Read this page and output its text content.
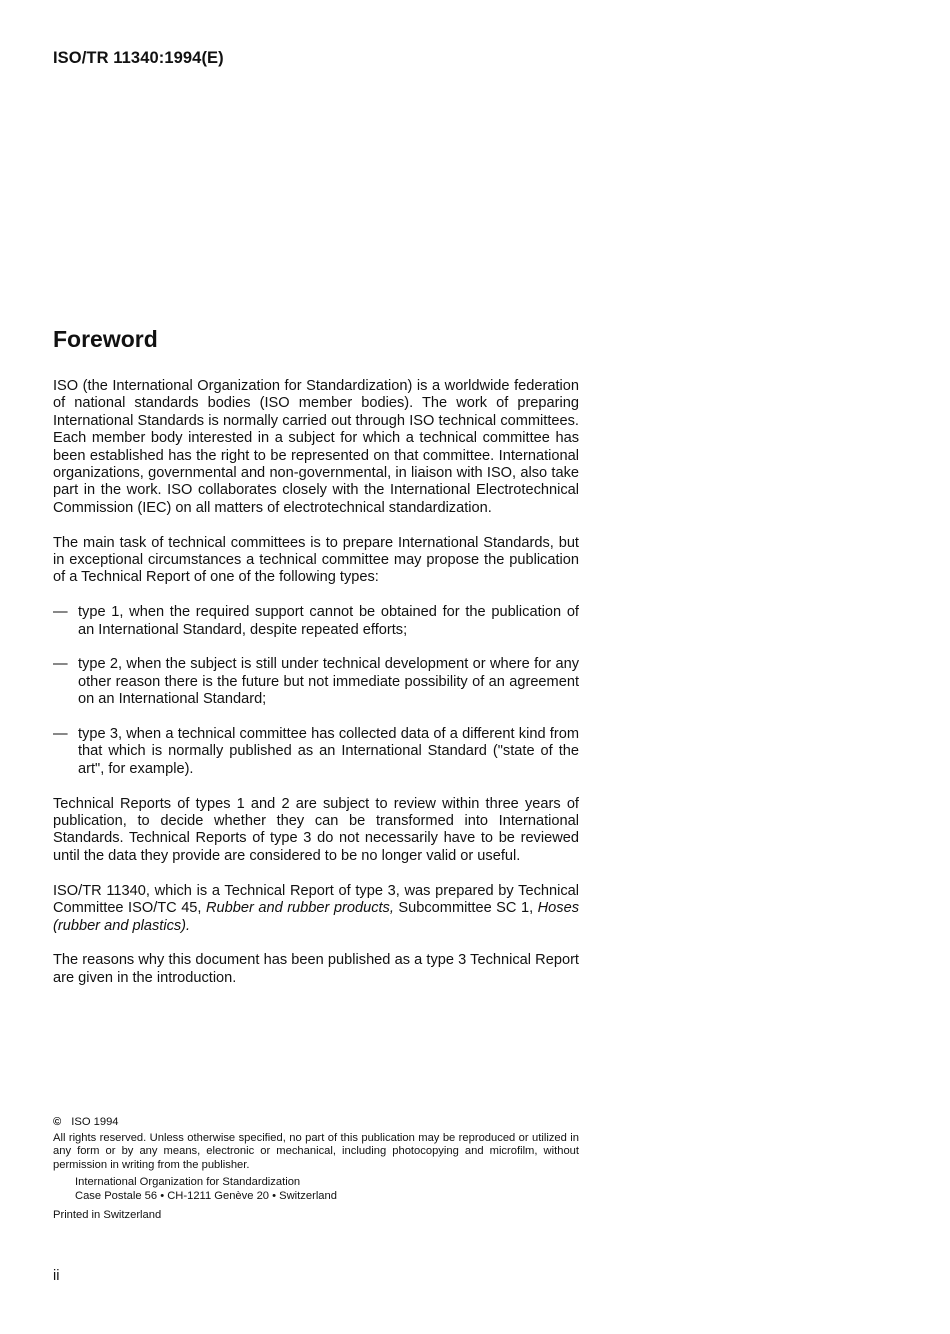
ISO/TR 11340:1994(E)
Foreword

ISO (the International Organization for Standardization) is a worldwide federation of national standards bodies (ISO member bodies). The work of preparing International Standards is normally carried out through ISO technical committees. Each member body interested in a subject for which a technical committee has been established has the right to be represented on that committee. International organizations, governmental and non-governmental, in liaison with ISO, also take part in the work. ISO collaborates closely with the International Electrotechnical Commission (IEC) on all matters of electrotechnical standardization.

The main task of technical committees is to prepare International Standards, but in exceptional circumstances a technical committee may propose the publication of a Technical Report of one of the following types:

— type 1, when the required support cannot be obtained for the publication of an International Standard, despite repeated efforts;
— type 2, when the subject is still under technical development or where for any other reason there is the future but not immediate possibility of an agreement on an International Standard;
— type 3, when a technical committee has collected data of a different kind from that which is normally published as an International Standard ("state of the art", for example).

Technical Reports of types 1 and 2 are subject to review within three years of publication, to decide whether they can be transformed into International Standards. Technical Reports of type 3 do not necessarily have to be reviewed until the data they provide are considered to be no longer valid or useful.

ISO/TR 11340, which is a Technical Report of type 3, was prepared by Technical Committee ISO/TC 45, Rubber and rubber products, Subcommittee SC 1, Hoses (rubber and plastics).

The reasons why this document has been published as a type 3 Technical Report are given in the introduction.

© ISO 1994
All rights reserved. Unless otherwise specified, no part of this publication may be reproduced or utilized in any form or by any means, electronic or mechanical, including photocopying and microfilm, without permission in writing from the publisher.
International Organization for Standardization
Case Postale 56 • CH-1211 Genève 20 • Switzerland
Printed in Switzerland
ii
